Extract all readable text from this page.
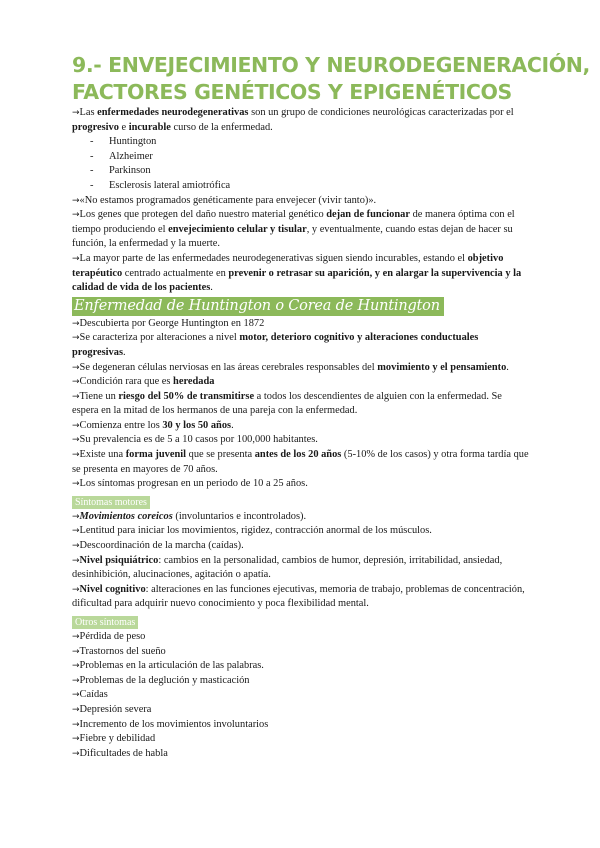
9.- ENVEJECIMIENTO Y NEURODEGENERACIÓN,
FACTORES GENÉTICOS Y EPIGENÉTICOS

→Las enfermedades neurodegenerativas son un grupo de condiciones neurológicas caracterizadas por el progresivo e incurable curso de la enfermedad.

- Huntington
- Alzheimer
- Parkinson
- Esclerosis lateral amiotrófica

→«No estamos programados genéticamente para envejecer (vivir tanto)».

→Los genes que protegen del daño nuestro material genético dejan de funcionar de manera óptima con el tiempo produciendo el envejecimiento celular y tisular, y eventualmente, cuando estas dejan de hacer su función, la enfermedad y la muerte.

→La mayor parte de las enfermedades neurodegenerativas siguen siendo incurables, estando el objetivo terapéutico centrado actualmente en prevenir o retrasar su aparición, y en alargar la supervivencia y la calidad de vida de los pacientes.

Enfermedad de Huntington o Corea de Huntington

→Descubierta por George Huntington en 1872

→Se caracteriza por alteraciones a nivel motor, deterioro cognitivo y alteraciones conductuales progresivas.

→Se degeneran células nerviosas en las áreas cerebrales responsables del movimiento y el pensamiento.

→Condición rara que es heredada

→Tiene un riesgo del 50% de transmitirse a todos los descendientes de alguien con la enfermedad. Se espera en la mitad de los hermanos de una pareja con la enfermedad.

→Comienza entre los 30 y los 50 años.

→Su prevalencia es de 5 a 10 casos por 100,000 habitantes.

→Existe una forma juvenil que se presenta antes de los 20 años (5-10% de los casos) y otra forma tardía que se presenta en mayores de 70 años.

→Los síntomas progresan en un periodo de 10 a 25 años.

Síntomas motores

→Movimientos coreicos (involuntarios e incontrolados).

→Lentitud para iniciar los movimientos, rigidez, contracción anormal de los músculos.

→Descoordinación de la marcha (caídas).

→Nivel psiquiátrico: cambios en la personalidad, cambios de humor, depresión, irritabilidad, ansiedad, desinhibición, alucinaciones, agitación o apatía.

→Nivel cognitivo: alteraciones en las funciones ejecutivas, memoria de trabajo, problemas de concentración, dificultad para adquirir nuevo conocimiento y poca flexibilidad mental.

Otros síntomas

→Pérdida de peso

→Trastornos del sueño

→Problemas en la articulación de las palabras.

→Problemas de la deglución y masticación

→Caídas

→Depresión severa

→Incremento de los movimientos involuntarios

→Fiebre y debilidad

→Dificultades de habla
